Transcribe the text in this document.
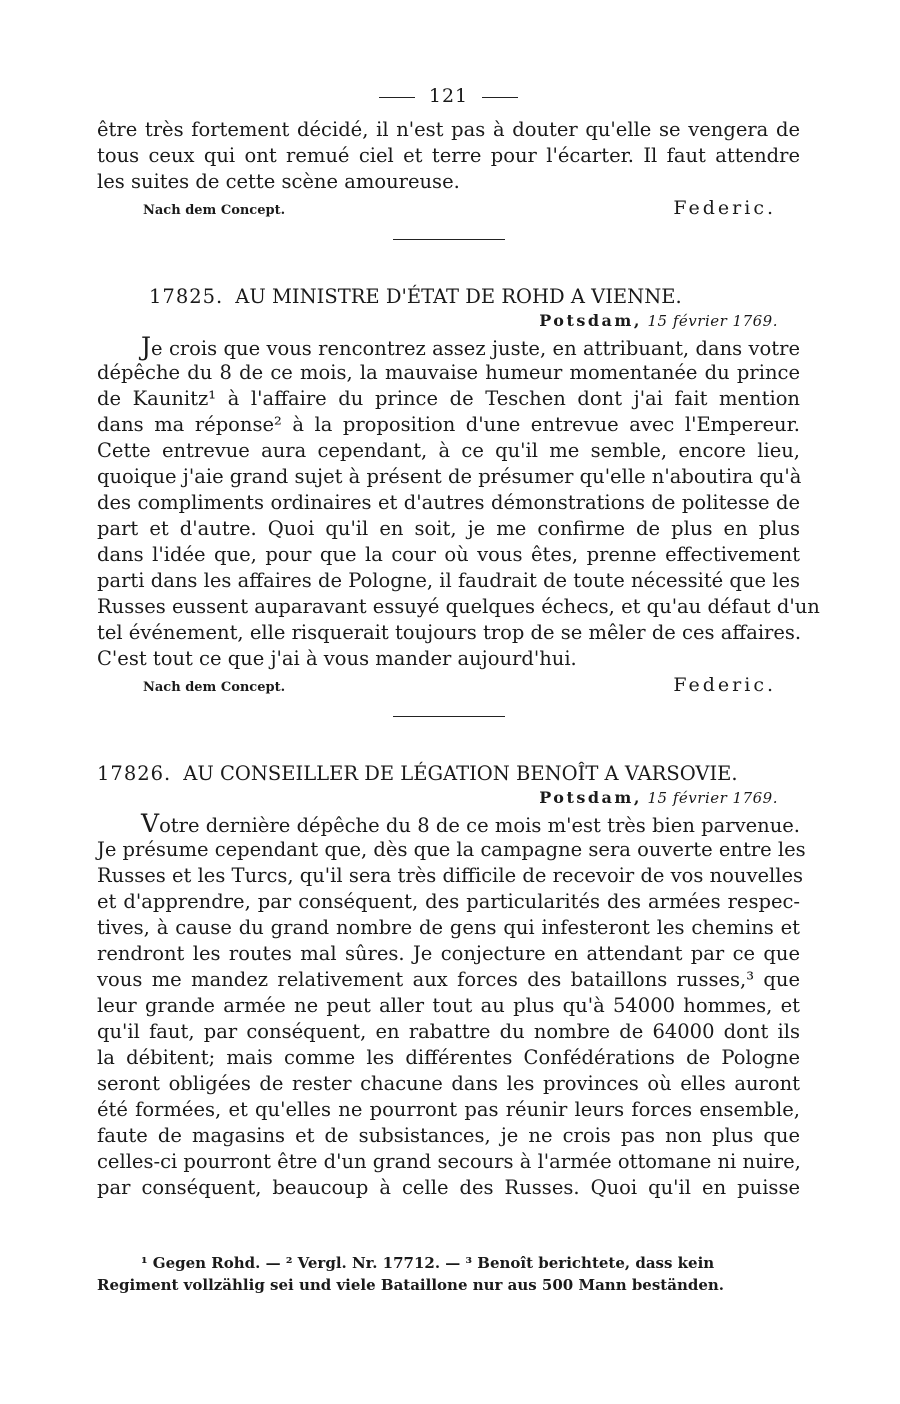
121
être très fortement décidé, il n'est pas à douter qu'elle se vengera de
tous ceux qui ont remué ciel et terre pour l'écarter. Il faut attendre
les suites de cette scène amoureuse.
Nach dem Concept.	Federic.
17825. AU MINISTRE D'ÉTAT DE ROHD A VIENNE.
Potsdam, 15 février 1769.
Je crois que vous rencontrez assez juste, en attribuant, dans votre
dépêche du 8 de ce mois, la mauvaise humeur momentanée du prince
de Kaunitz¹ à l'affaire du prince de Teschen dont j'ai fait mention
dans ma réponse² à la proposition d'une entrevue avec l'Empereur.
Cette entrevue aura cependant, à ce qu'il me semble, encore lieu,
quoique j'aie grand sujet à présent de présumer qu'elle n'aboutira qu'à
des compliments ordinaires et d'autres démonstrations de politesse de
part et d'autre. Quoi qu'il en soit, je me confirme de plus en plus
dans l'idée que, pour que la cour où vous êtes, prenne effectivement
parti dans les affaires de Pologne, il faudrait de toute nécessité que les
Russes eussent auparavant essuyé quelques échecs, et qu'au défaut d'un
tel événement, elle risquerait toujours trop de se mêler de ces affaires.
C'est tout ce que j'ai à vous mander aujourd'hui.
Nach dem Concept.	Federic.
17826. AU CONSEILLER DE LÉGATION BENOÎT A VARSOVIE.
Potsdam, 15 février 1769.
Votre dernière dépêche du 8 de ce mois m'est très bien parvenue.
Je présume cependant que, dès que la campagne sera ouverte entre les
Russes et les Turcs, qu'il sera très difficile de recevoir de vos nouvelles
et d'apprendre, par conséquent, des particularités des armées respec-
tives, à cause du grand nombre de gens qui infesteront les chemins et
rendront les routes mal sûres. Je conjecture en attendant par ce que
vous me mandez relativement aux forces des bataillons russes,³ que
leur grande armée ne peut aller tout au plus qu'à 54000 hommes, et
qu'il faut, par conséquent, en rabattre du nombre de 64000 dont ils
la débitent; mais comme les différentes Confédérations de Pologne
seront obligées de rester chacune dans les provinces où elles auront
été formées, et qu'elles ne pourront pas réunir leurs forces ensemble,
faute de magasins et de subsistances, je ne crois pas non plus que
celles-ci pourront être d'un grand secours à l'armée ottomane ni nuire,
par conséquent, beaucoup à celle des Russes. Quoi qu'il en puisse
¹ Gegen Rohd. — ² Vergl. Nr. 17712. — ³ Benoît berichtete, dass kein
Regiment vollzählig sei und viele Bataillone nur aus 500 Mann beständen.
